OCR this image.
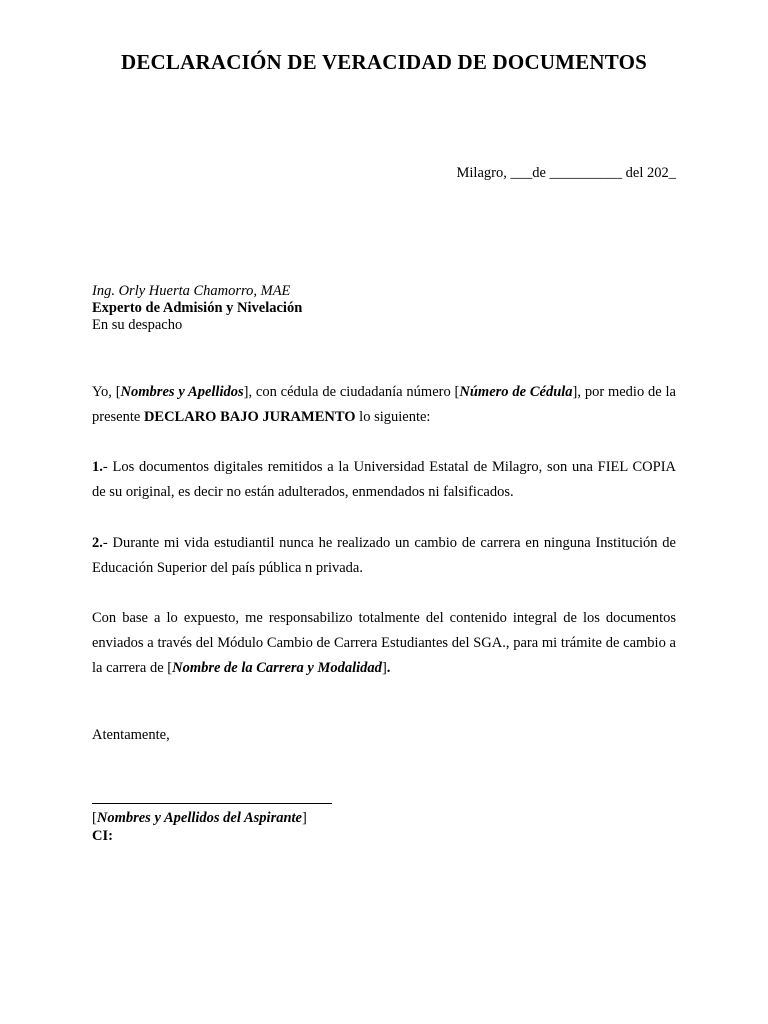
DECLARACIÓN DE VERACIDAD DE DOCUMENTOS
Milagro, ___de __________ del 202_
Ing. Orly Huerta Chamorro, MAE
Experto de Admisión y Nivelación
En su despacho
Yo, [Nombres y Apellidos], con cédula de ciudadanía número [Número de Cédula], por medio de la presente DECLARO BAJO JURAMENTO lo siguiente:
1.- Los documentos digitales remitidos a la Universidad Estatal de Milagro, son una FIEL COPIA de su original, es decir no están adulterados, enmendados ni falsificados.
2.- Durante mi vida estudiantil nunca he realizado un cambio de carrera en ninguna Institución de Educación Superior del país pública n privada.
Con base a lo expuesto, me responsabilizo totalmente del contenido integral de los documentos enviados a través del Módulo Cambio de Carrera Estudiantes del SGA., para mi trámite de cambio a la carrera de [Nombre de la Carrera y Modalidad].
Atentamente,
[Nombres y Apellidos del Aspirante]
CI:
